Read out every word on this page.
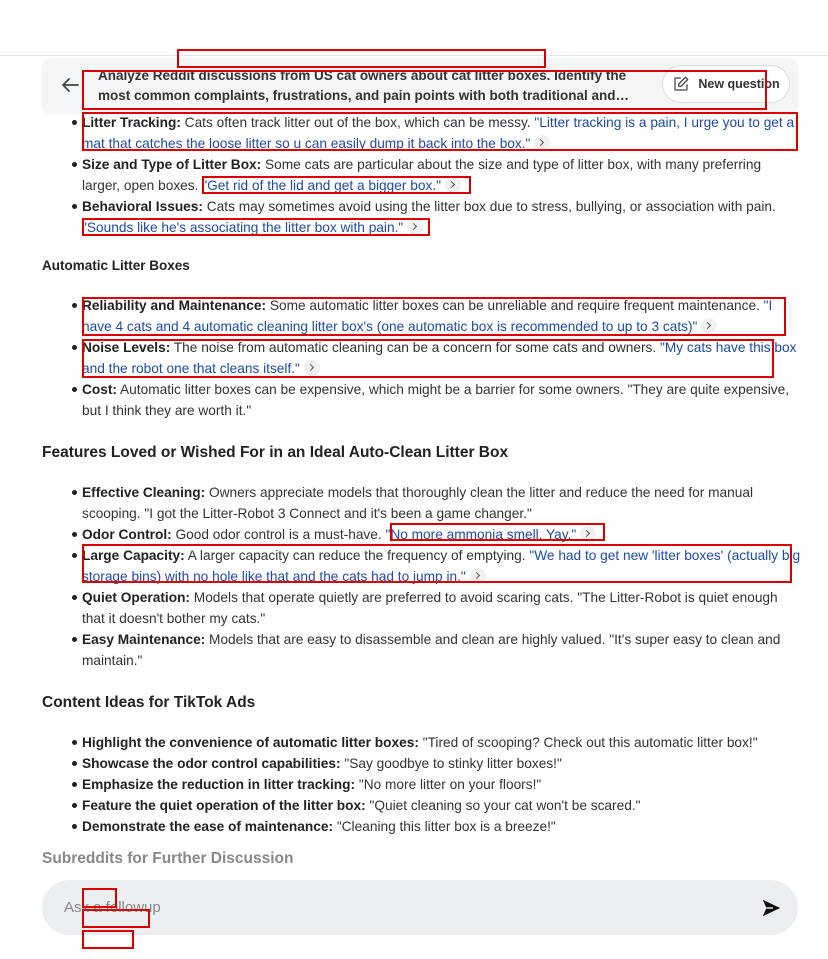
Analyze Reddit discussions from US cat owners about cat litter boxes. Identify the most common complaints, frustrations, and pain points with both traditional and…
New question
Litter Tracking: Cats often track litter out of the box, which can be messy. "Litter tracking is a pain, I urge you to get a mat that catches the loose litter so u can easily dump it back into the box."
Size and Type of Litter Box: Some cats are particular about the size and type of litter box, with many preferring larger, open boxes. "Get rid of the lid and get a bigger box."
Behavioral Issues: Cats may sometimes avoid using the litter box due to stress, bullying, or association with pain. "Sounds like he's associating the litter box with pain."
Automatic Litter Boxes
Reliability and Maintenance: Some automatic litter boxes can be unreliable and require frequent maintenance. "I have 4 cats and 4 automatic cleaning litter box's (one automatic box is recommended to up to 3 cats)"
Noise Levels: The noise from automatic cleaning can be a concern for some cats and owners. "My cats have this box and the robot one that cleans itself."
Cost: Automatic litter boxes can be expensive, which might be a barrier for some owners. "They are quite expensive, but I think they are worth it."
Features Loved or Wished For in an Ideal Auto-Clean Litter Box
Effective Cleaning: Owners appreciate models that thoroughly clean the litter and reduce the need for manual scooping. "I got the Litter-Robot 3 Connect and it's been a game changer."
Odor Control: Good odor control is a must-have. "No more ammonia smell. Yay."
Large Capacity: A larger capacity can reduce the frequency of emptying. "We had to get new 'litter boxes' (actually big storage bins) with no hole like that and the cats had to jump in."
Quiet Operation: Models that operate quietly are preferred to avoid scaring cats. "The Litter-Robot is quiet enough that it doesn't bother my cats."
Easy Maintenance: Models that are easy to disassemble and clean are highly valued. "It's super easy to clean and maintain."
Content Ideas for TikTok Ads
Highlight the convenience of automatic litter boxes: "Tired of scooping? Check out this automatic litter box!"
Showcase the odor control capabilities: "Say goodbye to stinky litter boxes!"
Emphasize the reduction in litter tracking: "No more litter on your floors!"
Feature the quiet operation of the litter box: "Quiet cleaning so your cat won't be scared."
Demonstrate the ease of maintenance: "Cleaning this litter box is a breeze!"
Subreddits for Further Discussion
Ask a followup
